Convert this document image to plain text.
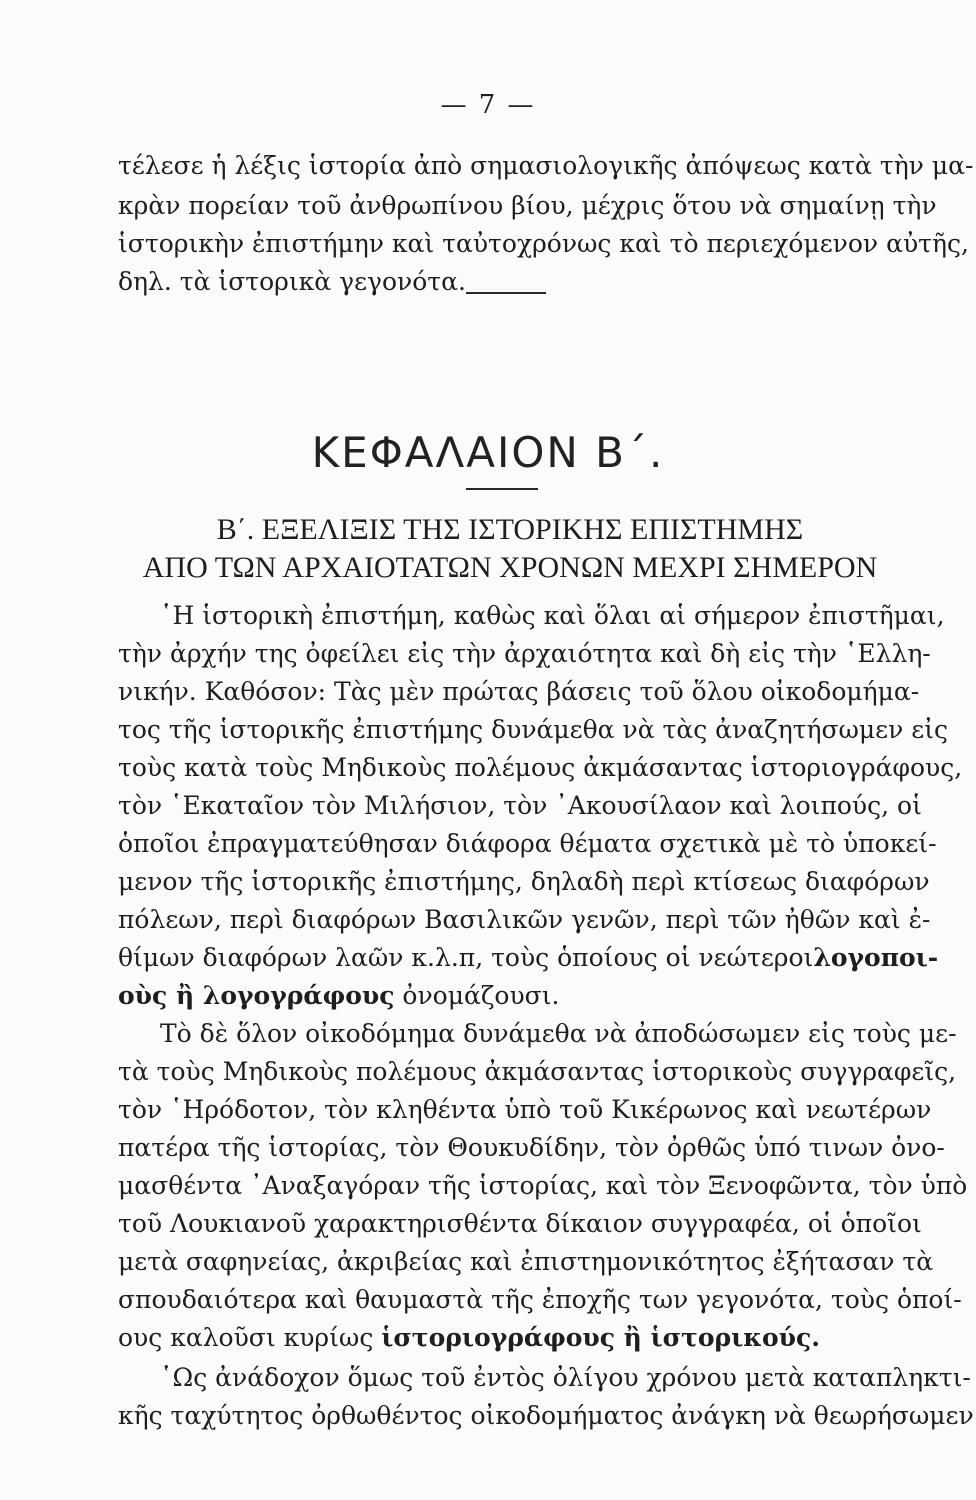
— 7 —
τέλεσε ἡ λέξις ἱστορία ἀπὸ σημασιολογικῆς ἀπόψεως κατὰ τὴν μα-
κρὰν πορείαν τοῦ ἀνθρωπίνου βίου, μέχρις ὅτου νὰ σημαίνῃ τὴν
ἱστορικὴν ἐπιστήμην καὶ ταὐτοχρόνως καὶ τὸ περιεχόμενον αὐτῆς,
δηλ. τὰ ἱστορικὰ γεγονότα.
ΚΕΦΑΛΑΙΟΝ Β΄.
Β΄. ΕΞΕΛΙΞΙΣ ΤΗΣ ΙΣΤΟΡΙΚΗΣ ΕΠΙΣΤΗΜΗΣ
ΑΠΟ ΤΩΝ ΑΡΧΑΙΟΤΑΤΩΝ ΧΡΟΝΩΝ ΜΕΧΡΙ ΣΗΜΕΡΟΝ
῾Η ἱστορικὴ ἐπιστήμη, καθὼς καὶ ὅλαι αἱ σήμερον ἐπιστῆμαι,
τὴν ἀρχήν της ὀφείλει εἰς τὴν ἀρχαιότητα καὶ δὴ εἰς τὴν ῾Ελλη-
νικήν. Καθόσον: Τὰς μὲν πρώτας βάσεις τοῦ ὅλου οἰκοδομήμα-
τος τῆς ἱστορικῆς ἐπιστήμης δυνάμεθα νὰ τὰς ἀναζητήσωμεν εἰς
τοὺς κατὰ τοὺς Μηδικοὺς πολέμους ἀκμάσαντας ἱστοριογράφους,
τὸν ῾Εκαταῖον τὸν Μιλήσιον, τὸν ᾿Ακουσίλαον καὶ λοιπούς, οἱ
ὁποῖοι ἐπραγματεύθησαν διάφορα θέματα σχετικὰ μὲ τὸ ὑποκεί-
μενον τῆς ἱστορικῆς ἐπιστήμης, δηλαδὴ περὶ κτίσεως διαφόρων
πόλεων, περὶ διαφόρων Βασιλικῶν γενῶν, περὶ τῶν ἠθῶν καὶ ἐ-
θίμων διαφόρων λαῶν κ.λ.π, τοὺς ὁποίους οἱ νεώτεροι λογοποι-
οὺς ἢ λογογράφους ὀνομάζουσι.
Τὸ δὲ ὅλον οἰκοδόμημα δυνάμεθα νὰ ἀποδώσωμεν εἰς τοὺς με-
τὰ τοὺς Μηδικοὺς πολέμους ἀκμάσαντας ἱστορικοὺς συγγραφεῖς,
τὸν ῾Ηρόδοτον, τὸν κληθέντα ὑπὸ τοῦ Κικέρωνος καὶ νεωτέρων
πατέρα τῆς ἱστορίας, τὸν Θουκυδίδην, τὸν ὀρθῶς ὑπό τινων ὀνο-
μασθέντα ᾿Αναξαγόραν τῆς ἱστορίας, καὶ τὸν Ξενοφῶντα, τὸν ὑπὸ
τοῦ Λουκιανοῦ χαρακτηρισθέντα δίκαιον συγγραφέα, οἱ ὁποῖοι
μετὰ σαφηνείας, ἀκριβείας καὶ ἐπιστημονικότητος ἐξήτασαν τὰ
σπουδαιότερα καὶ θαυμαστὰ τῆς ἐποχῆς των γεγονότα, τοὺς ὁποί-
ους καλοῦσι κυρίως ἱστοριογράφους ἢ ἱστορικούς.
῾Ως ἀνάδοχον ὅμως τοῦ ἐντὸς ὀλίγου χρόνου μετὰ καταπληκτι-
κῆς ταχύτητος ὀρθωθέντος οἰκοδομήματος ἀνάγκη νὰ θεωρήσωμεν
